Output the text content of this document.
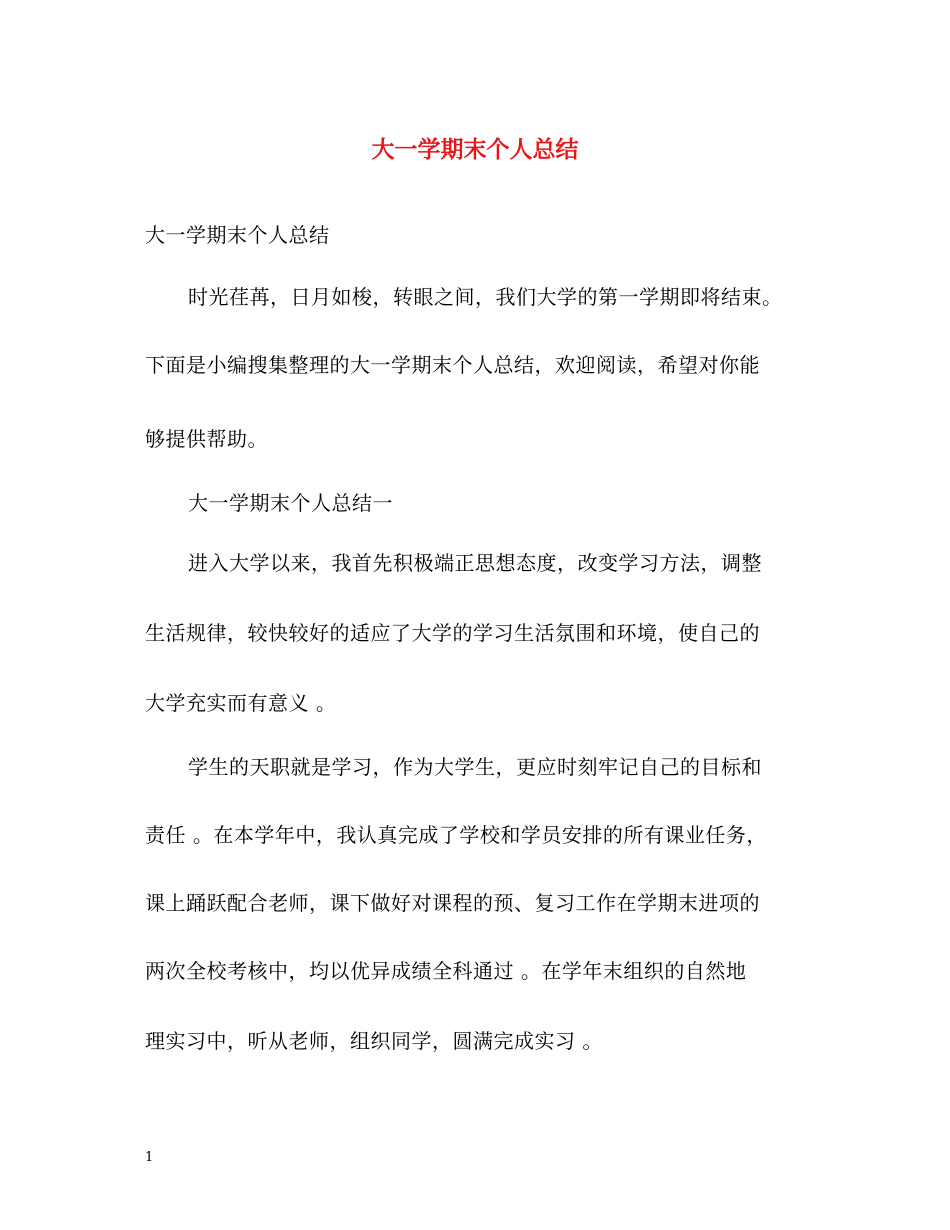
大一学期末个人总结
大一学期末个人总结
时光荏苒，日月如梭，转眼之间，我们大学的第一学期即将结束。
下面是小编搜集整理的大一学期末个人总结，欢迎阅读，希望对你能
够提供帮助。
大一学期末个人总结一
进入大学以来，我首先积极端正思想态度，改变学习方法，调整
生活规律，较快较好的适应了大学的学习生活氛围和环境，使自己的
大学充实而有意义 。
学生的天职就是学习，作为大学生，更应时刻牢记自己的目标和
责任 。在本学年中，我认真完成了学校和学员安排的所有课业任务，
课上踊跃配合老师，课下做好对课程的预、复习工作在学期末进项的
两次全校考核中，均以优异成绩全科通过 。在学年末组织的自然地
理实习中，听从老师，组织同学，圆满完成实习 。
1
